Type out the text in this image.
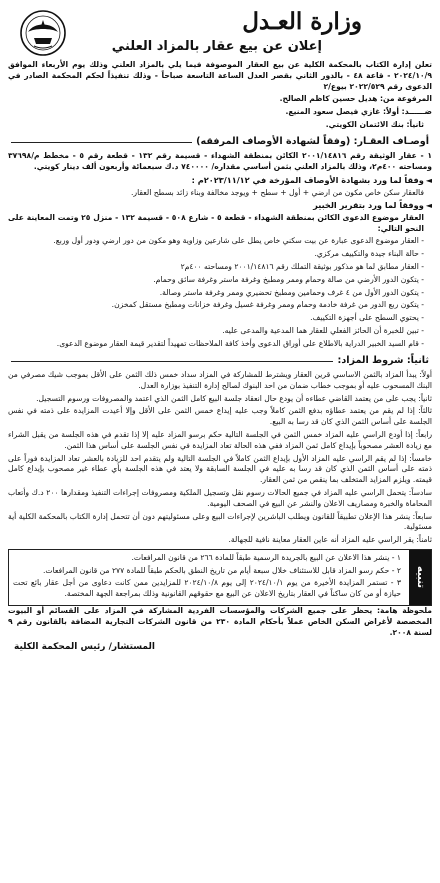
وزارة العـدل
إعلان عن بيع عقار بالمزاد العلني

تعلن إدارة الكتاب بالمحكمة الكلية عن بيع العقار الموصوفة فيما يلي بالمزاد العلني وذلك يوم الأربعاء الموافق ٢٠٢٤/١٠/٩ - قاعة ٤٨ - بالدور الثاني بقصر العدل الساعة التاسعة صباحاً - وذلك تنفيذاً لحكم المحكمة الصادر في الدعوى رقم ٢٠٢٢/٥٢٩ بيوع/٢

المرفوعة من: هديل حسين كاظم الصالح.
ضــــــد: أولاً: غازي فيصل سعود المنيع.
ثانياً: بنك الائتمان الكويتي.
أوصـاف العقـار: (وفقاً لشهادة الأوصاف المرفقه)

١ - عقار الوثيقة رقم ٢٠٠١/١٤٨١٦ الكائن بمنطقة الشهداء - قسيمة رقم ١٣٢ - قطعة رقم ٥ - مخطط م/٣٧٦٩٨ ومساحته ٤٠٠م٢، وذلك بالمزاد العلني بثمن أساسي مقداره/ ٧٤٠٠٠٠ د.ك سبعمائة وأربعون ألف دينار كويتي.

◄وفقاً لما ورد بشهادة الأوصاف المؤرخة في ٢٠٢٣/١١/١٢م :

فالعقار سكن خاص مكون من ارضي + أول + سطح + ويوجد مخالفة وبناء زائد بسطح العقار.

◄ووفقاً لما ورد بتقرير الخبير

العقار موضوع الدعوى الكائن بمنطقة الشهداء - قطعة ٥ - شارع ٥٠٨ - قسيمة ١٣٢ - منزل ٢٥ وتمت المعاينة على النحو التالي:

- العقار موضوع الدعوى عبارة عن بيت سكني خاص يطل على شارعين وزاوية وهو مكون من دور ارضي ودور أول وربع.
- حالة البناء جيدة والتكييف مركزي.
- العقار مطابق لما هو مذكور بوثيقة التملك رقم ٢٠٠١/١٤٨١٦ ومساحته ٤٠٠م٢
- يتكون الدور الأرضي من صالة وحمام وممر ومطبخ وغرفة ماستر وغرفة سائق وحمام.
- يتكون الدور الأول من ٤ غرف وحمامين ومطبخ تحضيري وممر وغرفة ماستر وصالة.
- يتكون ربع الدور من غرفة خادمة وحمام وممر وغرفة غسيل وغرفة خزانات ومطبخ مستقل كمخزن.
- يحتوي السطح على أجهزة التكييف.
- تبين للخبرة أن الحائز الفعلي للعقار هما المدعية والمدعى عليه.
- قام السيد الخبير الدراية بالاطلاع على أوراق الدعوى وأخذ كافة الملاحظات تمهيداً لتقدير قيمة العقار موضوع الدعوى.
ثانياً: شروط المزاد:
أولاً: يبدأ المزاد بالثمن الاساسي قرين العقار ويشترط للمشاركة في المزاد سداد خمس ذلك الثمن على الأقل بموجب شيك مصرفي من البنك المسحوب عليه أو بموجب خطاب ضمان من احد البنوك لصالح إدارة التنفيذ بوزارة العدل.
ثانياً: يجب على من يعتمد القاضي عطاءه أن يودع حال انعقاد جلسة البيع كامل الثمن الذي اعتمد والمصروفات ورسوم التسجيل.
ثالثاً: إذا لم يقم من يعتمد عطاؤه بدفع الثمن كاملاً وجب عليه إيداع خمس الثمن على الأقل وإلا أعيدت المزايدة على ذمته في نفس الجلسة على أساس الثمن الذي كان قد رسا به البيع.
رابعاً: إذا أودع الراسي عليه المزاد خمس الثمن في الجلسة التالية حكم برسو المزاد عليه إلا إذا تقدم في هذه الجلسة من يقبل الشراء مع زيادة العشر مصحوباً بإيداع كامل ثمن المزاد ففي هذه الحالة تعاد المزايدة في نفس الجلسة على أساس هذا الثمن.
خامساً: إذا لم يقم الراسي عليه المزاد الأول بإيداع الثمن كاملاً في الجلسة التالية ولم يتقدم احد للزيادة بالعشر تعاد المزايدة فوراً على ذمته على أساس الثمن الذي كان قد رسا به عليه في الجلسة السابقة ولا يعتد في هذه الجلسة بأي عطاء غير مصحوب بإيداع كامل قيمته. ويلزم المزايد المتخلف بما ينقص من ثمن العقار.
سادساً: يتحمل الراسي عليه المزاد في جميع الحالات رسوم نقل وتسجيل الملكية ومصروفات إجراءات التنفيذ ومقدارها ٢٠٠ د.ك وأتعاب المحاماة والخبرة ومصاريف الاعلان والنشر عن البيع في الصحف اليومية.
سابعاً: ينشر هذا الإعلان تطبيقاً للقانون ويطلب الباشرين لإجراءات البيع وعلى مسئوليتهم دون أن تتحمل إدارة الكتاب بالمحكمة الكلية أية مسئولية.
ثامناً: يقر الراسي عليه المزاد أنه عاين العقار معاينة نافية للجهالة.
تنبيه
١ - ينشر هذا الاعلان عن البيع بالجريدة الرسمية طبقاً للمادة ٢٦٦ من قانون المرافعات.
٢ - حكم رسو المزاد قابل للاستئناف خلال سبعة أيام من تاريخ النطق بالحكم طبقاً للمادة ٢٧٧ من قانون المرافعات.
٣ - تستمر المزايدة الأخيرة من يوم ٢٠٢٤/١٠/١ إلى يوم ٢٠٢٤/١٠/٨ للمزايدين ممن كانت دعاوى من أجل عقار بائع تحت حيازة أو من كان ساكناً في العقار بتاريخ الاعلان عن البيع مع حقوقهم القانونية وذلك بمراجعة الجهة المختصة.

ملحوظة هامة: يحظر على جميع الشركات والمؤسسات الفردية المشاركة في المزاد على القسائم أو البيوت المخصصة لأغراض السكن الخاص عملاً بأحكام المادة ٢٣٠ من قانون الشركات التجارية المضافة بالقانون رقم ٩ لسنة ٢٠٠٨.

المستشار/ رئيس المحكمة الكلية
